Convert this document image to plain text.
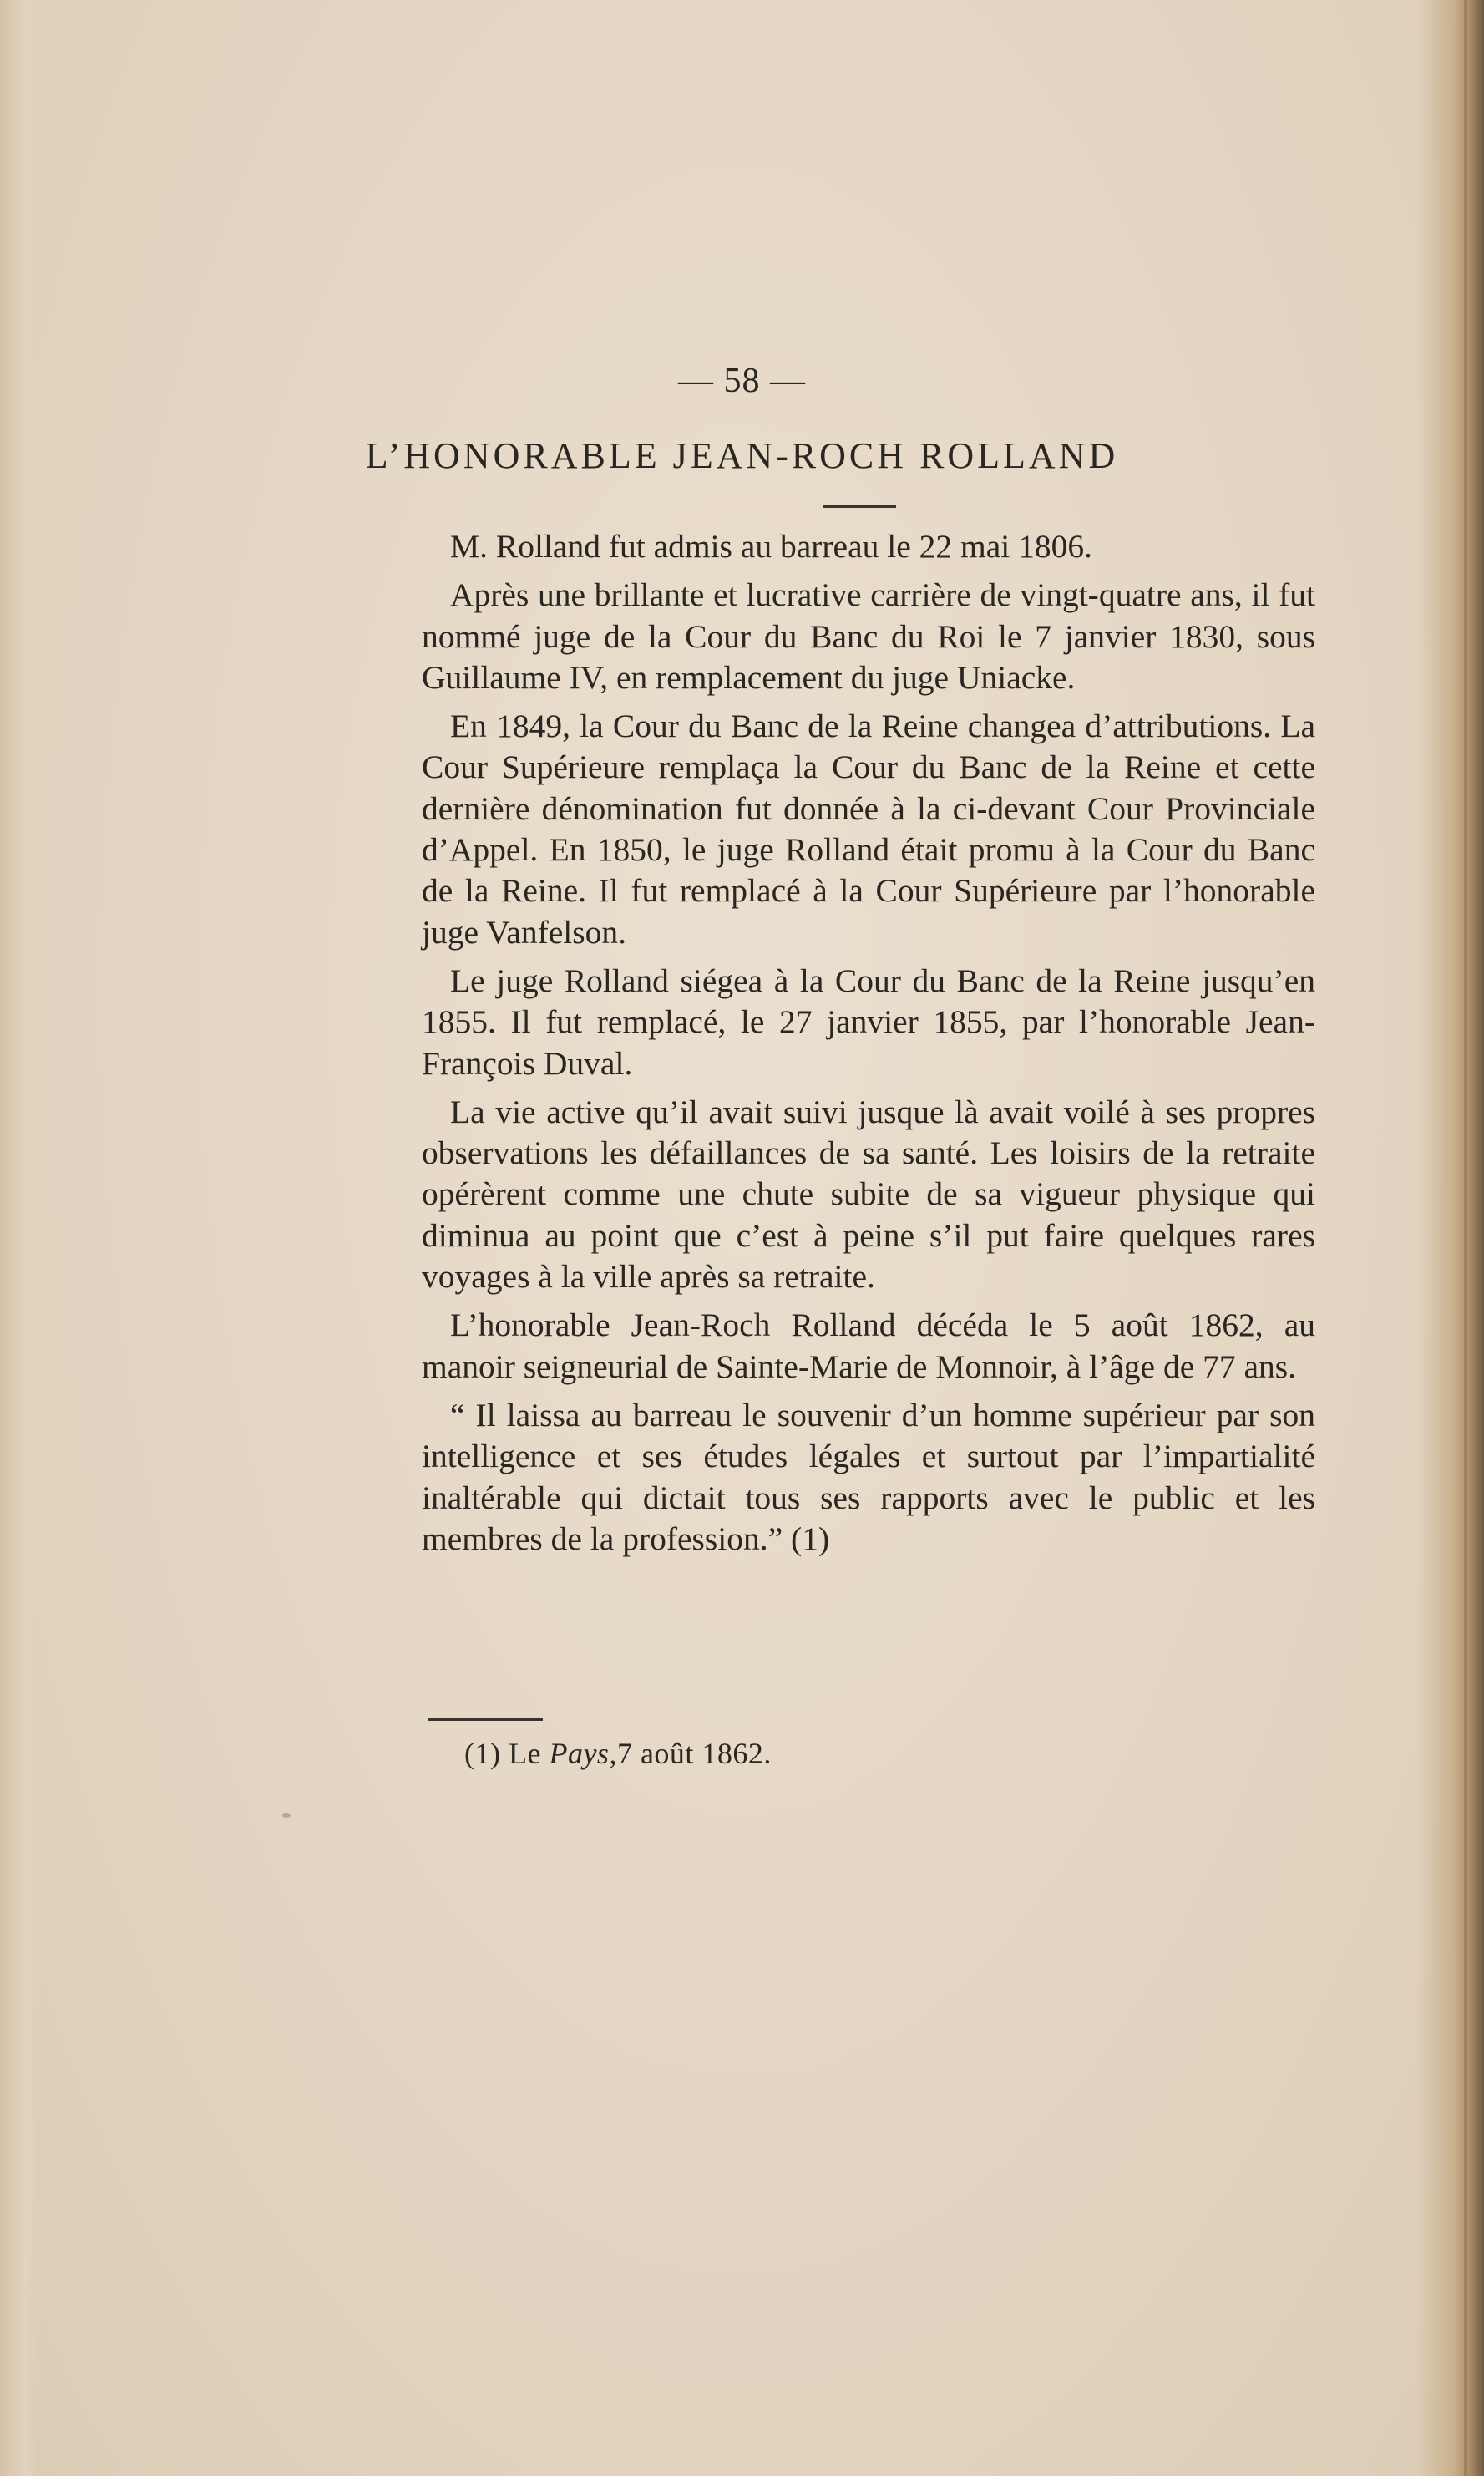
— 58 —
L’HONORABLE JEAN-ROCH ROLLAND

M. Rolland fut admis au barreau le 22 mai 1806.

Après une brillante et lucrative carrière de vingt-quatre ans, il fut nommé juge de la Cour du Banc du Roi le 7 janvier 1830, sous Guillaume IV, en remplacement du juge Uniacke.

En 1849, la Cour du Banc de la Reine changea d’attributions. La Cour Supérieure remplaça la Cour du Banc de la Reine et cette dernière dénomination fut donnée à la ci-devant Cour Provinciale d’Appel. En 1850, le juge Rolland était promu à la Cour du Banc de la Reine. Il fut remplacé à la Cour Supérieure par l’honorable juge Vanfelson.

Le juge Rolland siégea à la Cour du Banc de la Reine jusqu’en 1855. Il fut remplacé, le 27 janvier 1855, par l’honorable Jean-François Duval.

La vie active qu’il avait suivi jusque là avait voilé à ses propres observations les défaillances de sa santé. Les loisirs de la retraite opérèrent comme une chute subite de sa vigueur physique qui diminua au point que c’est à peine s’il put faire quelques rares voyages à la ville après sa retraite.

L’honorable Jean-Roch Rolland décéda le 5 août 1862, au manoir seigneurial de Sainte-Marie de Monnoir, à l’âge de 77 ans.

“ Il laissa au barreau le souvenir d’un homme supérieur par son intelligence et ses études légales et surtout par l’impartialité inaltérable qui dictait tous ses rapports avec le public et les membres de la profession.” (1)

(1) Le Pays,7 août 1862.
